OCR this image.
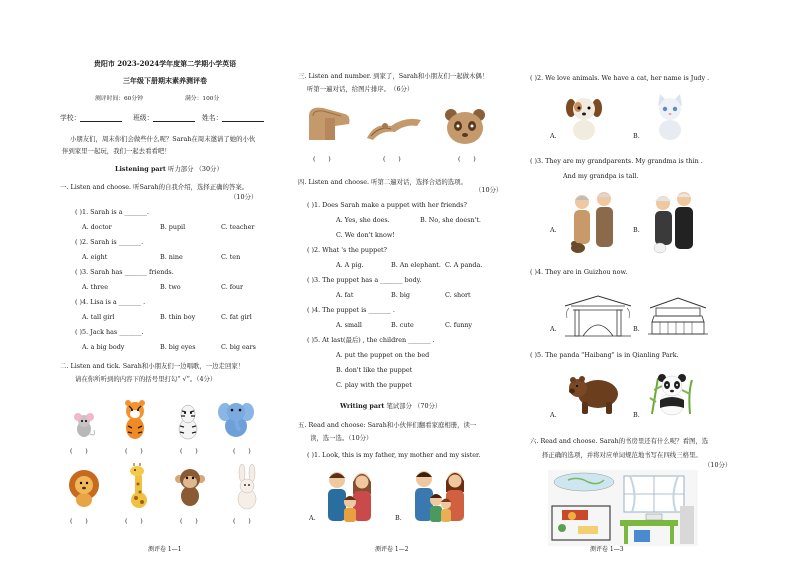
贵阳市 2023-2024学年度第二学期小学英语
三年级下册期末素养测评卷
测评时间：60分钟	满分：100分
学校：	班级：	姓名：
小朋友们，周末你们会做些什么呢？Sarah在周末邀请了她的小伙
伴到家里一起玩，我们一起去看看吧！
Listening part 听力部分 （30分）
一. Listen and choose. 听Sarah的自我介绍，选择正确的答案。
（10分）
( )1. Sarah is a _______.
A. doctor	B. pupil	C. teacher
( )2. Sarah is _______.
A. eight	B. nine	C. ten
( )3. Sarah has _______ friends.
A. three	B. two	C. four
( )4. Lisa is a _______ .
A. tall girl	B. thin boy	C. fat girl
( )5. Jack has _______.
A. a big body	B. big eyes	C. big ears
二. Listen and tick. Sarah和小朋友们一边唱歌，一边走回家！
请在你所听到的内容下的括号里打勾“ √”。（4分）
(　　)	(　　)	(　　)	(　　)
(　　)	(　　)	(　　)	(　　)
测评卷 1—1
三. Listen and number. 到家了，Sarah和小朋友们一起做木偶！
听第一遍对话，给图片排序。　（6分）
(　　)	(　　)	(　　)
四. Listen and choose. 听第二遍对话，选择合适的选项。
（10分）
( )1. Does Sarah make a puppet with her friends?
A. Yes, she does.	B. No, she doesn't.
C. We don't know!
( )2. What 's the puppet?
A. A pig.	B. An elephant. C. A panda.
( )3. The puppet has a _______ body.
A. fat	B. big	C. short
( )4. The puppet is _______ .
A. small	B. cute	C. funny
( )5. At last(最后) , the children _______ .
A. put the puppet on the bed
B. don't like the puppet
C. play with the puppet
Writing part 笔试部分 （70分）
五. Read and choose: Sarah和小伙伴们翻看家庭相册，读一
读，选一选。（10分）
( )1. Look, this is my father, my mother and my sister.
A.	B.
测评卷 1—2
( )2. We love animals. We have a cat, her name is Judy .
A.	B.
( )3. They are my grandparents. My grandma is thin .
And my grandpa is tall.
A.	B.
( )4. They are in Guizhou now.
A.	B.
( )5. The panda "Haibang" is in Qianling Park.
A.	B.
六. Read and choose. Sarah的书房里还有什么呢？看图，选
择正确的选项，并将对应单词规范地书写在四线三格里。
（10分）
测评卷 1—3
